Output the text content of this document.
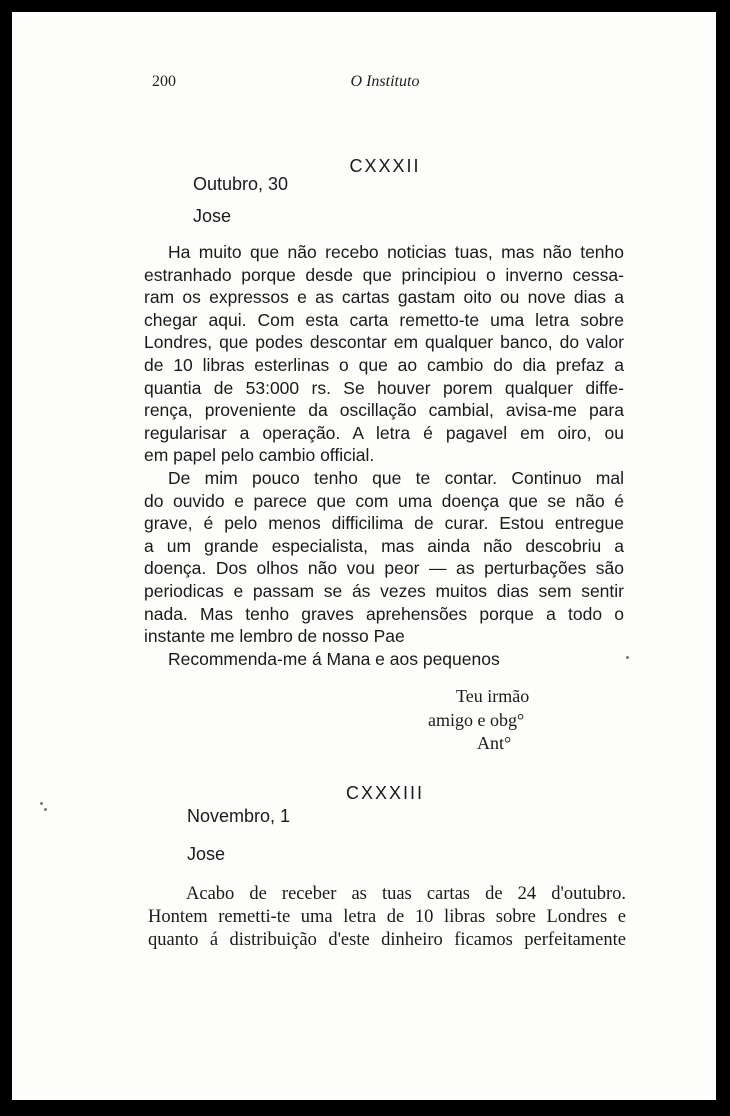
200	O Instituto
CXXXII
Outubro, 30
Jose
Ha muito que não recebo noticias tuas, mas não tenho
estranhado porque desde que principiou o inverno cessa-
ram os expressos e as cartas gastam oito ou nove dias a
chegar aqui. Com esta carta remetto-te uma letra sobre
Londres, que podes descontar em qualquer banco, do valor
de 10 libras esterlinas o que ao cambio do dia prefaz a
quantia de 53:000 rs. Se houver porem qualquer diffe-
rença, proveniente da oscillação cambial, avisa-me para
regularisar a operação. A letra é pagavel em oiro, ou
em papel pelo cambio official.
De mim pouco tenho que te contar. Continuo mal
do ouvido e parece que com uma doença que se não é
grave, é pelo menos difficilima de curar. Estou entregue
a um grande especialista, mas ainda não descobriu a
doença. Dos olhos não vou peor — as perturbações são
periodicas e passam se ás vezes muitos dias sem sentir
nada. Mas tenho graves aprehensões porque a todo o
instante me lembro de nosso Pae
Recommenda-me á Mana e aos pequenos
Teu irmão
amigo e obg°
Ant°
CXXXIII
Novembro, 1
Jose
Acabo de receber as tuas cartas de 24 d'outubro.
Hontem remetti-te uma letra de 10 libras sobre Londres e
quanto á distribuição d'este dinheiro ficamos perfeitamente
